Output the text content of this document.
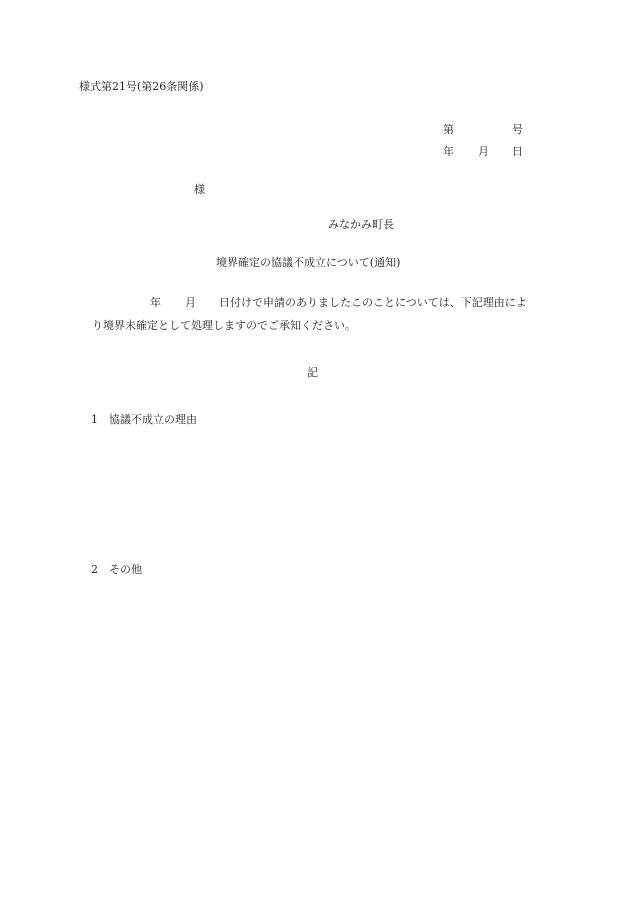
様式第21号(第26条関係)
第	号
年 月 日
様
みなかみ町長
境界確定の協議不成立について(通知)
年 月 日付けで申請のありましたこのことについては、下記理由によ
り境界未確定として処理しますのでご承知ください。
記
1 協議不成立の理由
2 その他
